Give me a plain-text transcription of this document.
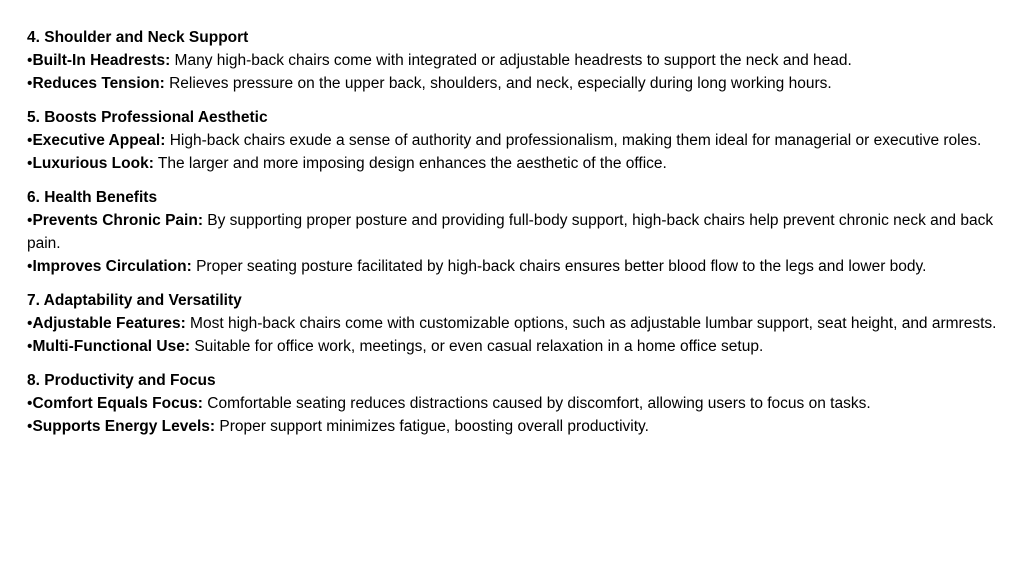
4. Shoulder and Neck Support

•Built-In Headrests: Many high-back chairs come with integrated or adjustable headrests to support the neck and head.

•Reduces Tension: Relieves pressure on the upper back, shoulders, and neck, especially during long working hours.

5. Boosts Professional Aesthetic

•Executive Appeal: High-back chairs exude a sense of authority and professionalism, making them ideal for managerial or executive roles.

•Luxurious Look: The larger and more imposing design enhances the aesthetic of the office.

6. Health Benefits

•Prevents Chronic Pain: By supporting proper posture and providing full-body support, high-back chairs help prevent chronic neck and back pain.

•Improves Circulation: Proper seating posture facilitated by high-back chairs ensures better blood flow to the legs and lower body.

7. Adaptability and Versatility

•Adjustable Features: Most high-back chairs come with customizable options, such as adjustable lumbar support, seat height, and armrests.

•Multi-Functional Use: Suitable for office work, meetings, or even casual relaxation in a home office setup.

8. Productivity and Focus

•Comfort Equals Focus: Comfortable seating reduces distractions caused by discomfort, allowing users to focus on tasks.

•Supports Energy Levels: Proper support minimizes fatigue, boosting overall productivity.
